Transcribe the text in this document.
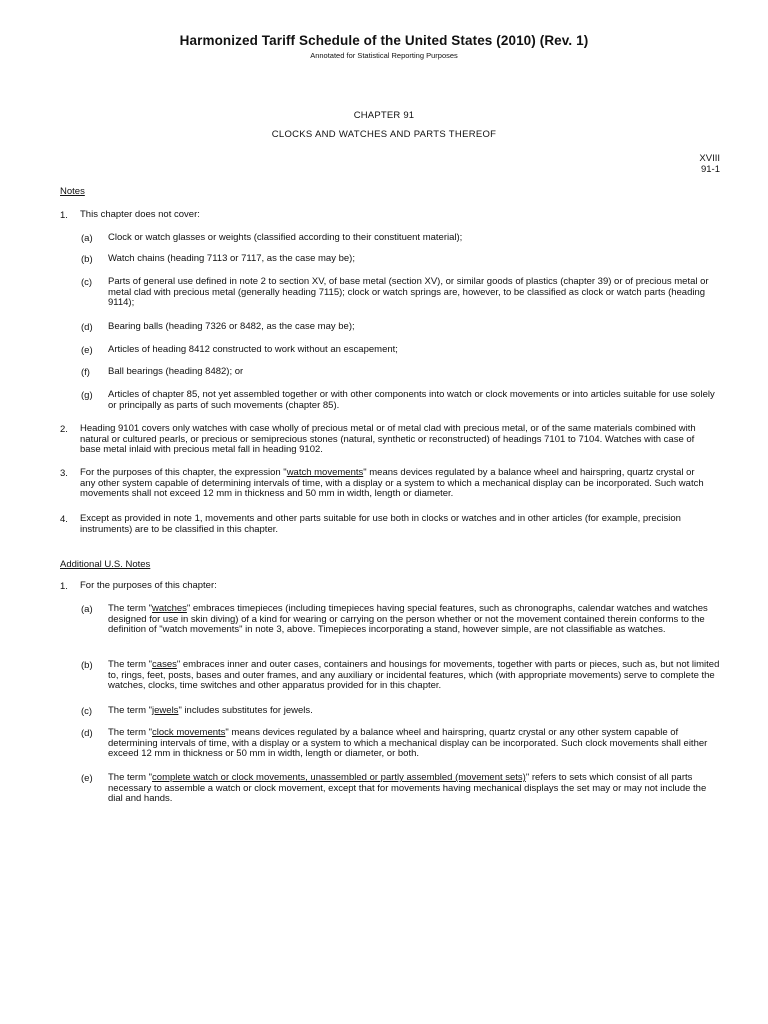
Harmonized Tariff Schedule of the United States (2010) (Rev. 1)
Annotated for Statistical Reporting Purposes
CHAPTER 91
CLOCKS AND WATCHES AND PARTS THEREOF
XVIII
91-1
Notes
1. This chapter does not cover:
(a) Clock or watch glasses or weights (classified according to their constituent material);
(b) Watch chains (heading 7113 or 7117, as the case may be);
(c) Parts of general use defined in note 2 to section XV, of base metal (section XV), or similar goods of plastics (chapter 39) or of precious metal or metal clad with precious metal (generally heading 7115); clock or watch springs are, however, to be classified as clock or watch parts (heading 9114);
(d) Bearing balls (heading 7326 or 8482, as the case may be);
(e) Articles of heading 8412 constructed to work without an escapement;
(f) Ball bearings (heading 8482); or
(g) Articles of chapter 85, not yet assembled together or with other components into watch or clock movements or into articles suitable for use solely or principally as parts of such movements (chapter 85).
2. Heading 9101 covers only watches with case wholly of precious metal or of metal clad with precious metal, or of the same materials combined with natural or cultured pearls, or precious or semiprecious stones (natural, synthetic or reconstructed) of headings 7101 to 7104. Watches with case of base metal inlaid with precious metal fall in heading 9102.
3. For the purposes of this chapter, the expression "watch movements" means devices regulated by a balance wheel and hairspring, quartz crystal or any other system capable of determining intervals of time, with a display or a system to which a mechanical display can be incorporated. Such watch movements shall not exceed 12 mm in thickness and 50 mm in width, length or diameter.
4. Except as provided in note 1, movements and other parts suitable for use both in clocks or watches and in other articles (for example, precision instruments) are to be classified in this chapter.
Additional U.S. Notes
1. For the purposes of this chapter:
(a) The term "watches" embraces timepieces (including timepieces having special features, such as chronographs, calendar watches and watches designed for use in skin diving) of a kind for wearing or carrying on the person whether or not the movement contained therein conforms to the definition of "watch movements" in note 3, above. Timepieces incorporating a stand, however simple, are not classifiable as watches.
(b) The term "cases" embraces inner and outer cases, containers and housings for movements, together with parts or pieces, such as, but not limited to, rings, feet, posts, bases and outer frames, and any auxiliary or incidental features, which (with appropriate movements) serve to complete the watches, clocks, time switches and other apparatus provided for in this chapter.
(c) The term "jewels" includes substitutes for jewels.
(d) The term "clock movements" means devices regulated by a balance wheel and hairspring, quartz crystal or any other system capable of determining intervals of time, with a display or a system to which a mechanical display can be incorporated. Such clock movements shall either exceed 12 mm in thickness or 50 mm in width, length or diameter, or both.
(e) The term "complete watch or clock movements, unassembled or partly assembled (movement sets)" refers to sets which consist of all parts necessary to assemble a watch or clock movement, except that for movements having mechanical displays the set may or may not include the dial and hands.
